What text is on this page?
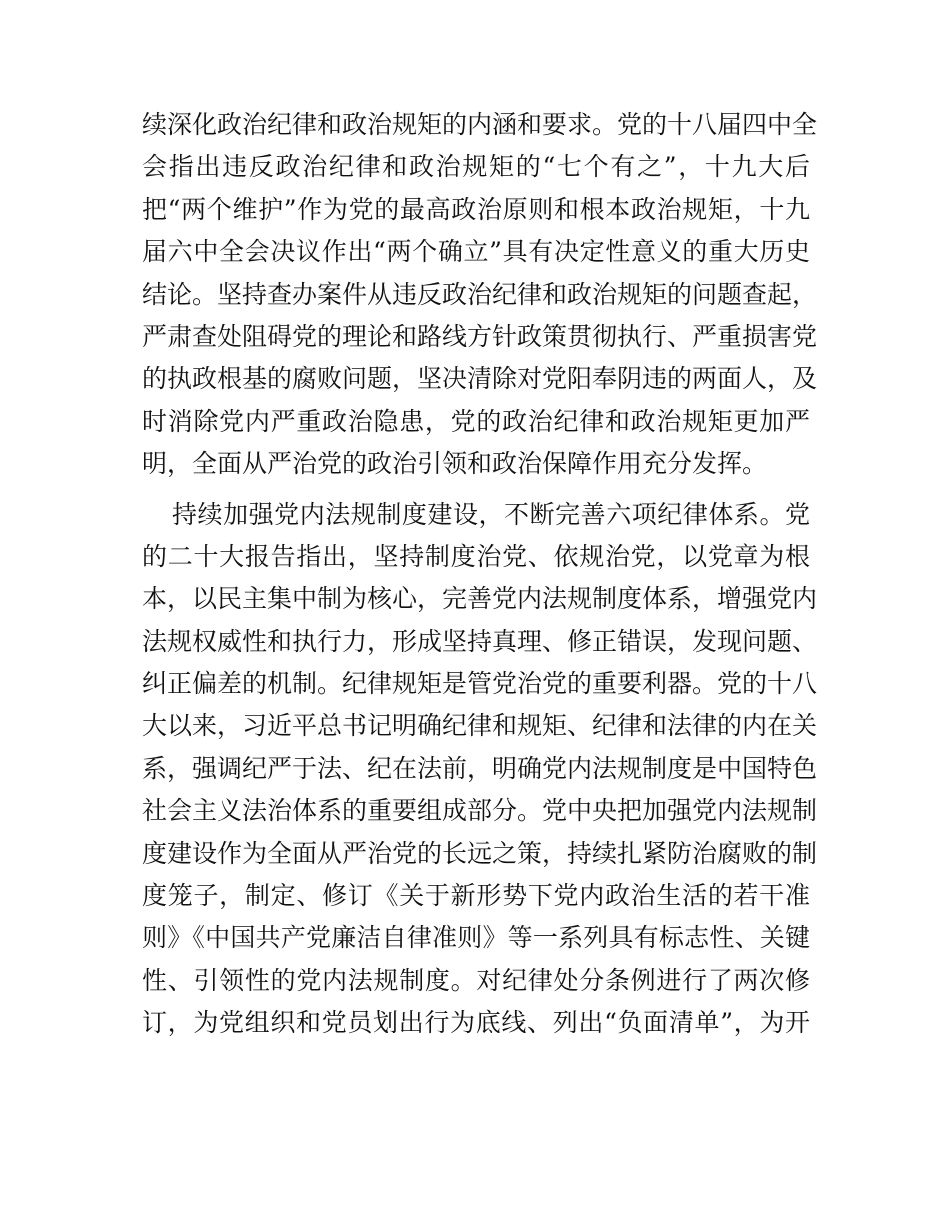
续深化政治纪律和政治规矩的内涵和要求。党的十八届四中全
会指出违反政治纪律和政治规矩的“七个有之”，十九大后
把“两个维护”作为党的最高政治原则和根本政治规矩，十九
届六中全会决议作出“两个确立”具有决定性意义的重大历史
结论。坚持查办案件从违反政治纪律和政治规矩的问题查起，
严肃查处阻碍党的理论和路线方针政策贯彻执行、严重损害党
的执政根基的腐败问题，坚决清除对党阳奉阴违的两面人，及
时消除党内严重政治隐患，党的政治纪律和政治规矩更加严
明，全面从严治党的政治引领和政治保障作用充分发挥。
持续加强党内法规制度建设，不断完善六项纪律体系。党
的二十大报告指出，坚持制度治党、依规治党，以党章为根
本，以民主集中制为核心，完善党内法规制度体系，增强党内
法规权威性和执行力，形成坚持真理、修正错误，发现问题、
纠正偏差的机制。纪律规矩是管党治党的重要利器。党的十八
大以来，习近平总书记明确纪律和规矩、纪律和法律的内在关
系，强调纪严于法、纪在法前，明确党内法规制度是中国特色
社会主义法治体系的重要组成部分。党中央把加强党内法规制
度建设作为全面从严治党的长远之策，持续扎紧防治腐败的制
度笼子，制定、修订《关于新形势下党内政治生活的若干准
则》《中国共产党廉洁自律准则》等一系列具有标志性、关键
性、引领性的党内法规制度。对纪律处分条例进行了两次修
订，为党组织和党员划出行为底线、列出“负面清单”，为开
